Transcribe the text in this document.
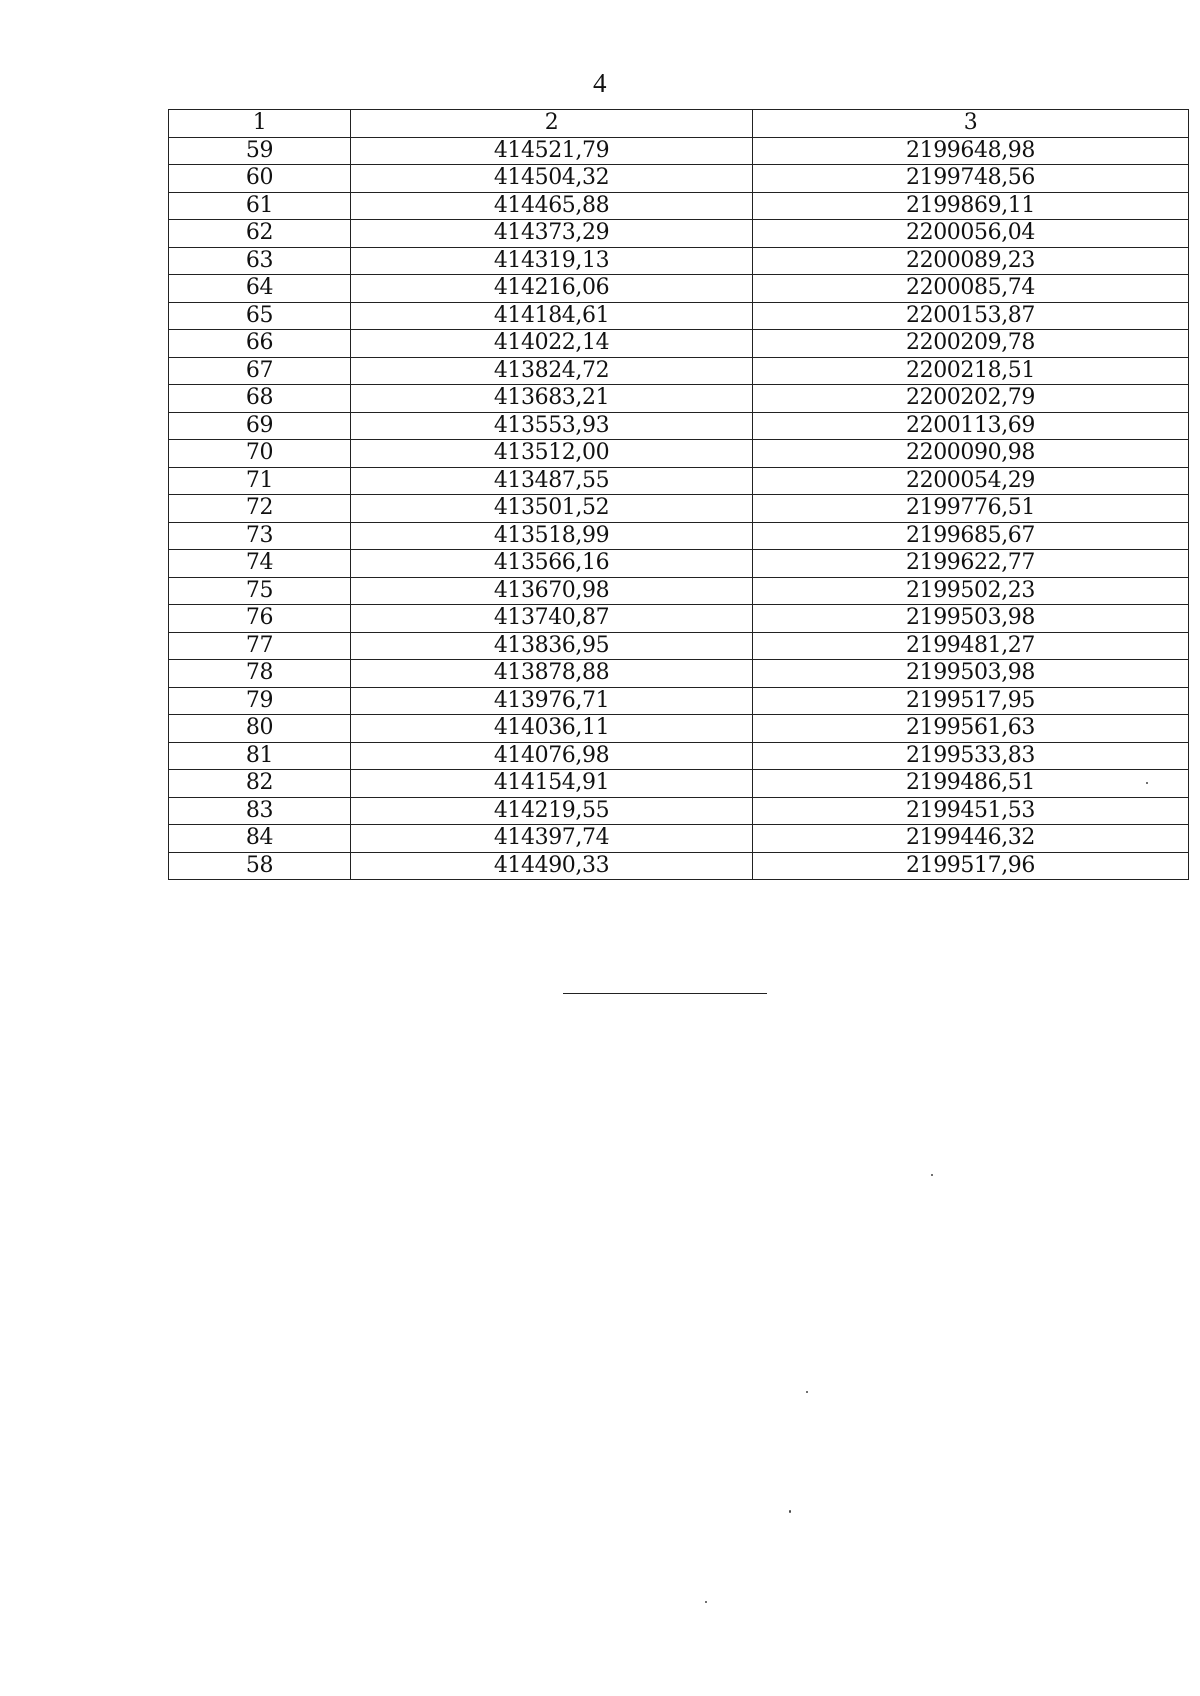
4
1	2	3
59	414521,79	2199648,98
60	414504,32	2199748,56
61	414465,88	2199869,11
62	414373,29	2200056,04
63	414319,13	2200089,23
64	414216,06	2200085,74
65	414184,61	2200153,87
66	414022,14	2200209,78
67	413824,72	2200218,51
68	413683,21	2200202,79
69	413553,93	2200113,69
70	413512,00	2200090,98
71	413487,55	2200054,29
72	413501,52	2199776,51
73	413518,99	2199685,67
74	413566,16	2199622,77
75	413670,98	2199502,23
76	413740,87	2199503,98
77	413836,95	2199481,27
78	413878,88	2199503,98
79	413976,71	2199517,95
80	414036,11	2199561,63
81	414076,98	2199533,83
82	414154,91	2199486,51
83	414219,55	2199451,53
84	414397,74	2199446,32
58	414490,33	2199517,96
